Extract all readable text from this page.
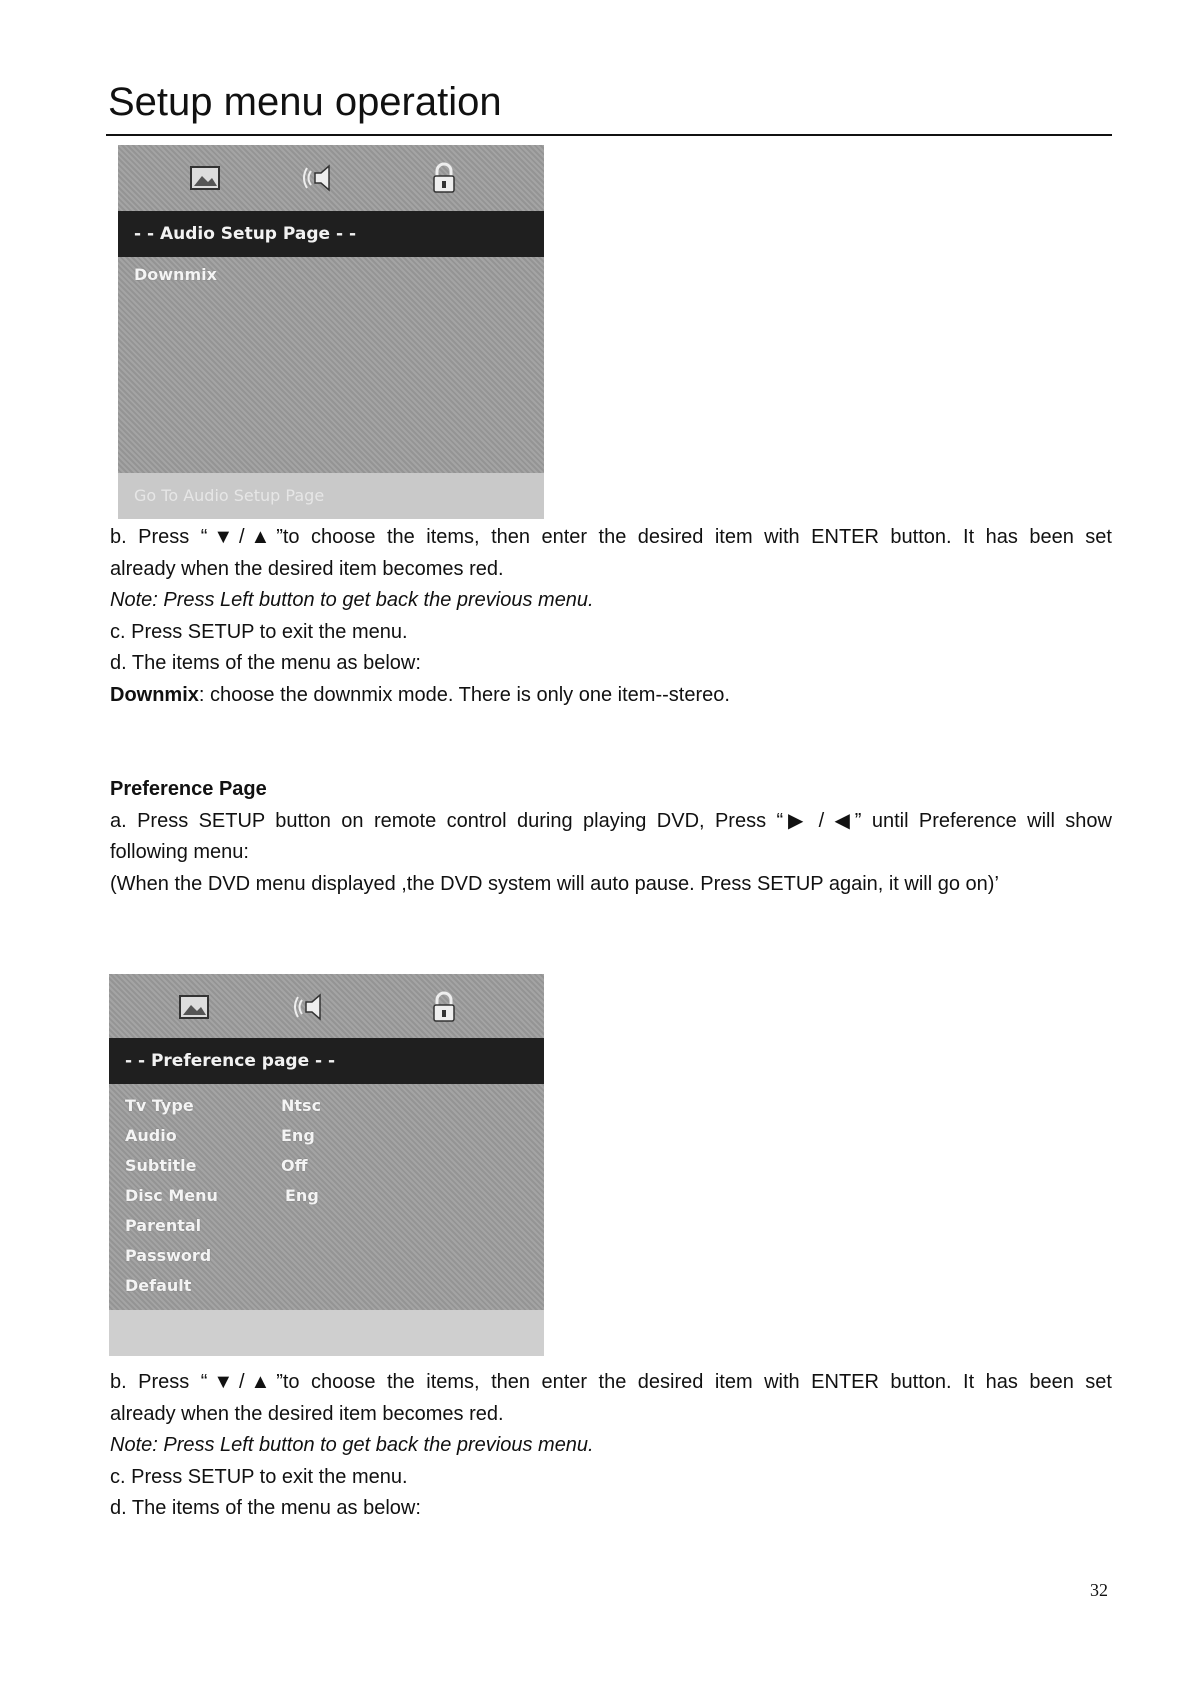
Setup menu operation
- - Audio Setup Page - -
Downmix
Go To Audio Setup Page

b. Press “▼/▲”to choose the items, then enter the desired item with ENTER button. It has been set

already when the desired item becomes red.

Note: Press Left button to get back the previous menu.

c. Press SETUP to exit the menu.

d. The items of the menu as below:

Downmix: choose the downmix mode. There is only one item--stereo.

Preference Page

a. Press SETUP button on remote control during playing DVD, Press “▶ / ◀” until Preference will show

following menu:

(When the DVD menu displayed ,the DVD system will auto pause. Press SETUP again, it will go on)’

- - Preference page - -
Tv Type	Ntsc
Audio	Eng
Subtitle	Off
Disc Menu	Eng
Parental
Password
Default

b. Press “▼/▲”to choose the items, then enter the desired item with ENTER button. It has been set

already when the desired item becomes red.

Note: Press Left button to get back the previous menu.

c. Press SETUP to exit the menu.

d. The items of the menu as below:

32
